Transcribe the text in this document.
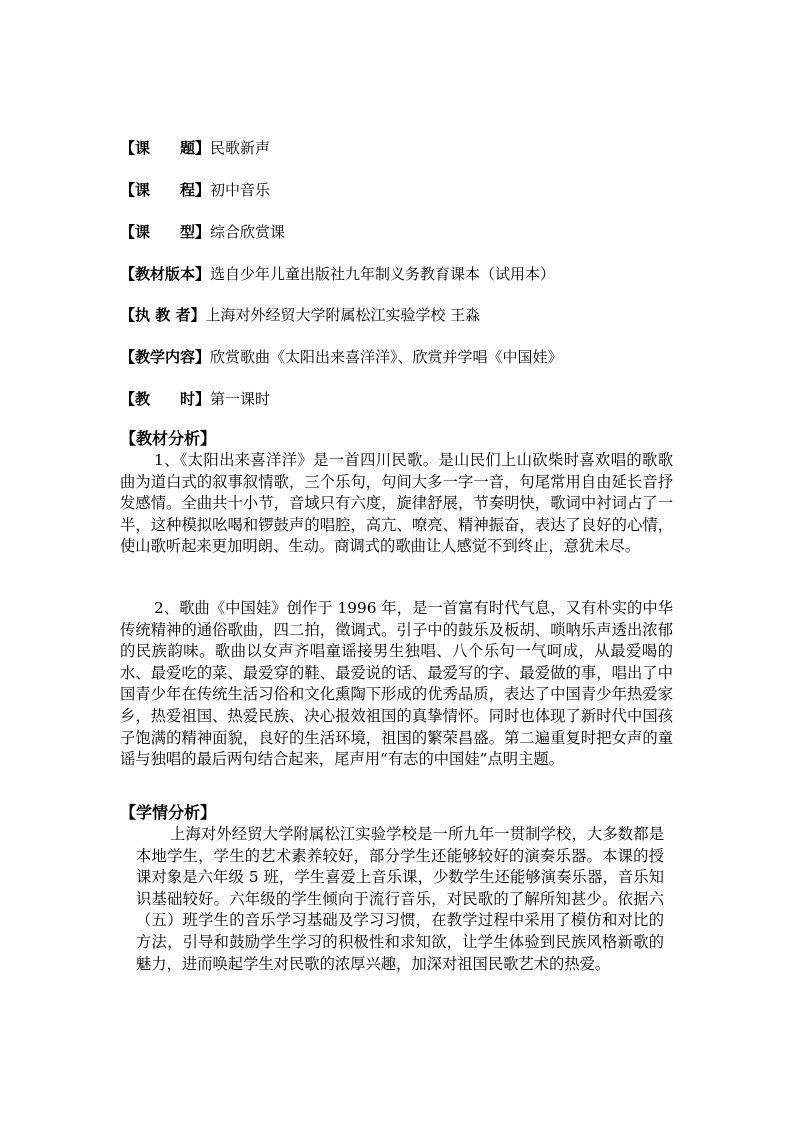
【课　　题】民歌新声
【课　　程】初中音乐
【课　　型】综合欣赏课
【教材版本】选自少年儿童出版社九年制义务教育课本（试用本）
【执 教 者】上海对外经贸大学附属松江实验学校 王淼
【教学内容】欣赏歌曲《太阳出来喜洋洋》、欣赏并学唱《中国娃》
【教　　时】第一课时
【教材分析】

1、《太阳出来喜洋洋》是一首四川民歌。是山民们上山砍柴时喜欢唱的歌歌曲为道白式的叙事叙情歌，三个乐句，句间大多一字一音，句尾常用自由延长音抒发感情。全曲共十小节，音域只有六度，旋律舒展，节奏明快，歌词中衬词占了一半，这种模拟吆喝和锣鼓声的唱腔，高亢、嘹亮、精神振奋，表达了良好的心情，使山歌听起来更加明朗、生动。商调式的歌曲让人感觉不到终止，意犹未尽。

2、歌曲《中国娃》创作于 1996 年，是一首富有时代气息，又有朴实的中华传统精神的通俗歌曲，四二拍，徵调式。引子中的鼓乐及板胡、唢呐乐声透出浓郁的民族韵味。歌曲以女声齐唱童谣接男生独唱、八个乐句一气呵成，从最爱喝的水、最爱吃的菜、最爱穿的鞋、最爱说的话、最爱写的字、最爱做的事，唱出了中国青少年在传统生活习俗和文化熏陶下形成的优秀品质，表达了中国青少年热爱家乡，热爱祖国、热爱民族、决心报效祖国的真挚情怀。同时也体现了新时代中国孩子饱满的精神面貌，良好的生活环境，祖国的繁荣昌盛。第二遍重复时把女声的童谣与独唱的最后两句结合起来，尾声用“有志的中国娃”点明主题。

【学情分析】

上海对外经贸大学附属松江实验学校是一所九年一贯制学校，大多数都是本地学生，学生的艺术素养较好，部分学生还能够较好的演奏乐器。本课的授课对象是六年级 5 班，学生喜爱上音乐课，少数学生还能够演奏乐器，音乐知识基础较好。六年级的学生倾向于流行音乐，对民歌的了解所知甚少。依据六（五）班学生的音乐学习基础及学习习惯，在教学过程中采用了模仿和对比的方法，引导和鼓励学生学习的积极性和求知欲，让学生体验到民族风格新歌的魅力，进而唤起学生对民歌的浓厚兴趣，加深对祖国民歌艺术的热爱。
